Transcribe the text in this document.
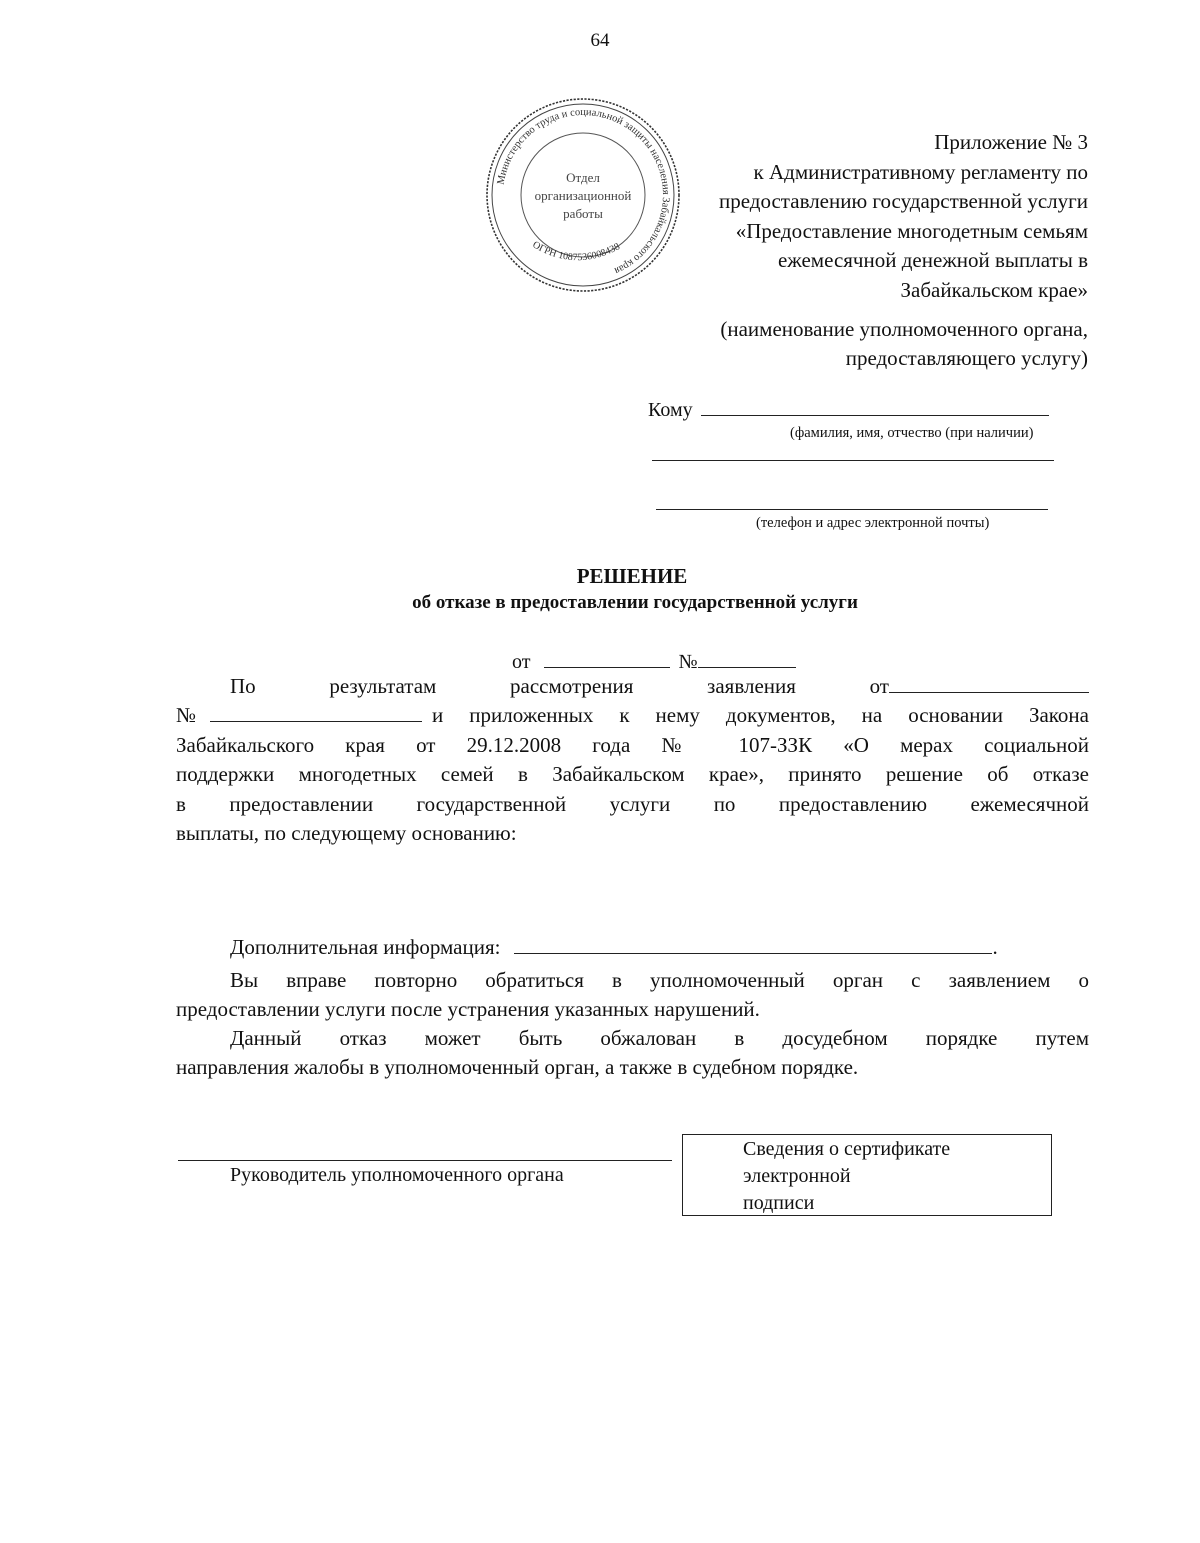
64
Министерство труда и социальной защиты населения Забайкальского края
ОГРН 1087536008438
Отдел
организационной
работы
Приложение № 3
к Административному регламенту по
предоставлению государственной услуги
«Предоставление многодетным семьям
ежемесячной денежной выплаты в
Забайкальском крае»
(наименование уполномоченного органа,
предоставляющего услугу)
Кому
(фамилия, имя, отчество (при наличии)
(телефон и адрес электронной почты)
РЕШЕНИЕ
об отказе в предоставлении государственной услуги
от	№
По	результатам	рассмотрения	заявления	от
№	и приложенных к нему документов, на основании Закона
Забайкальского края от 29.12.2008 года № 107-ЗЗК «О мерах социальной
поддержки многодетных семей в Забайкальском крае», принято решение об отказе
в предоставлении государственной услуги по предоставлению ежемесячной
выплаты, по следующему основанию:
Дополнительная информация:	.
Вы вправе повторно обратиться в уполномоченный орган с заявлением о
предоставлении услуги после устранения указанных нарушений.
Данный отказ может быть обжалован в досудебном порядке путем
направления жалобы в уполномоченный орган, а также в судебном порядке.
Руководитель уполномоченного органа
Сведения о сертификате
электронной
подписи
